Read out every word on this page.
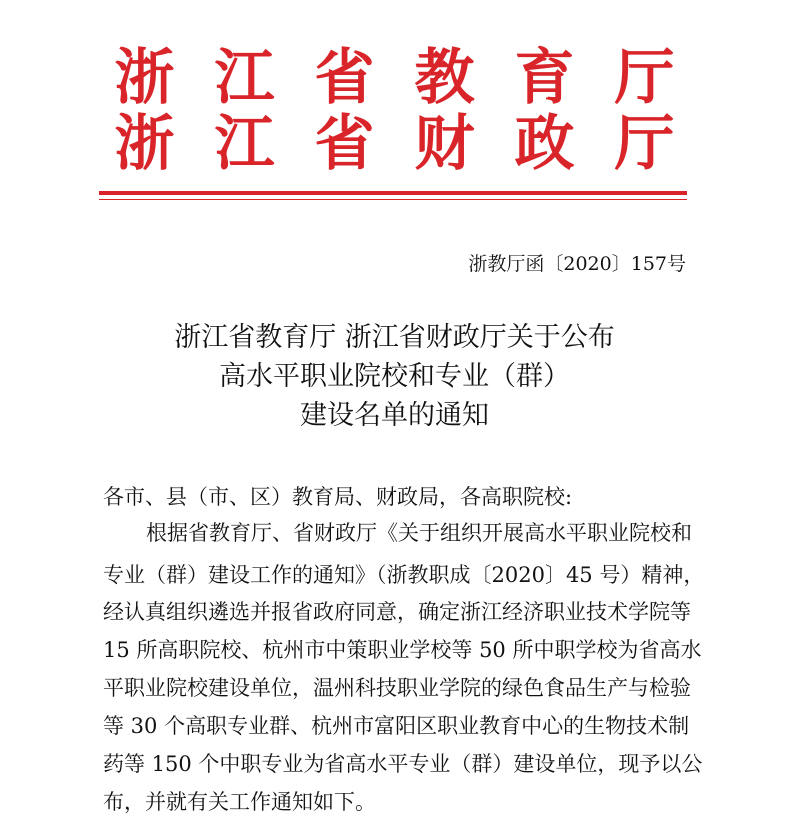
浙江省教育厅
浙江省财政厅
浙教厅函〔2020〕157号
浙江省教育厅 浙江省财政厅关于公布
高水平职业院校和专业（群）
建设名单的通知
各市、县（市、区）教育局、财政局，各高职院校:
根据省教育厅、省财政厅《关于组织开展高水平职业院校和
专业（群）建设工作的通知》（浙教职成〔2020〕45 号）精神，
经认真组织遴选并报省政府同意，确定浙江经济职业技术学院等
15 所高职院校、杭州市中策职业学校等 50 所中职学校为省高水
平职业院校建设单位，温州科技职业学院的绿色食品生产与检验
等 30 个高职专业群、杭州市富阳区职业教育中心的生物技术制
药等 150 个中职专业为省高水平专业（群）建设单位，现予以公
布，并就有关工作通知如下。
